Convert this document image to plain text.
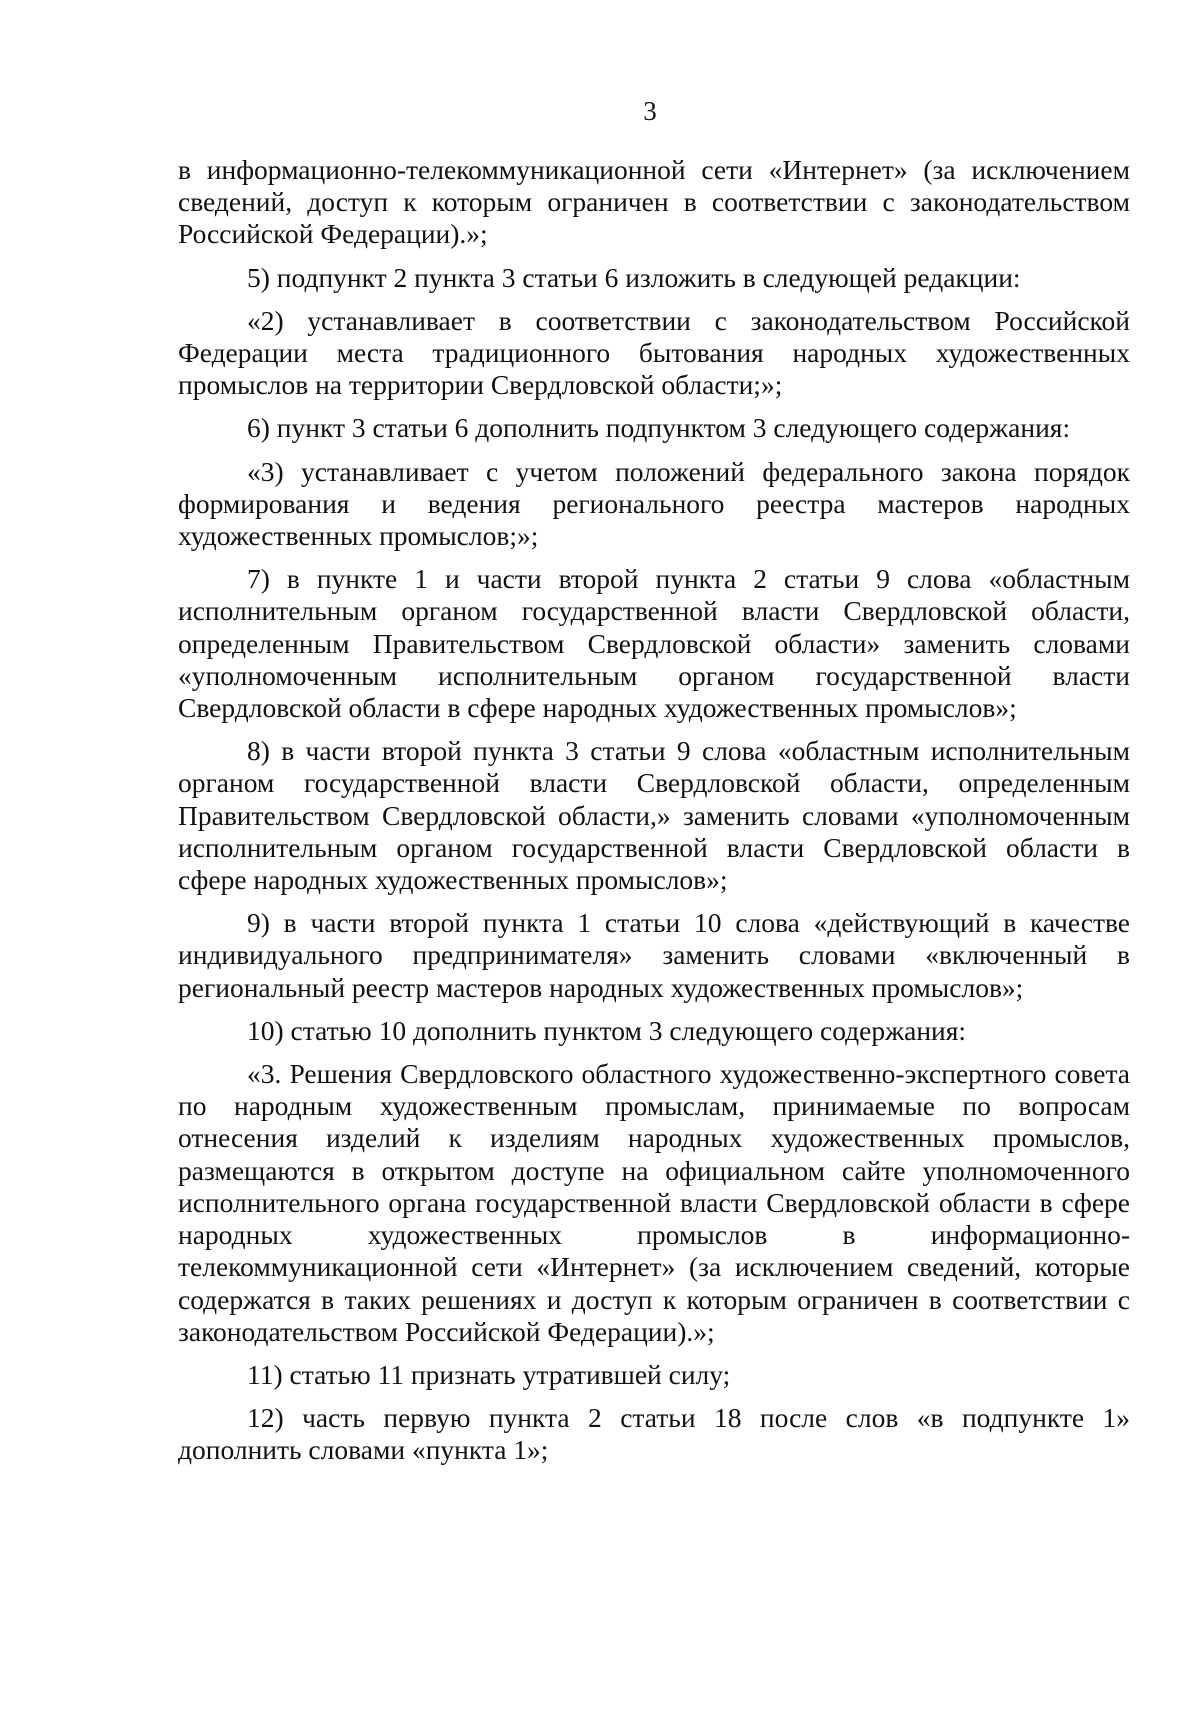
3

в информационно-телекоммуникационной сети «Интернет» (за исключением сведений, доступ к которым ограничен в соответствии с законодательством Российской Федерации).»;

5) подпункт 2 пункта 3 статьи 6 изложить в следующей редакции:

«2) устанавливает в соответствии с законодательством Российской Федерации места традиционного бытования народных художественных промыслов на территории Свердловской области;»;

6) пункт 3 статьи 6 дополнить подпунктом 3 следующего содержания:

«3) устанавливает с учетом положений федерального закона порядок формирования и ведения регионального реестра мастеров народных художественных промыслов;»;

7) в пункте 1 и части второй пункта 2 статьи 9 слова «областным исполнительным органом государственной власти Свердловской области, определенным Правительством Свердловской области» заменить словами «уполномоченным исполнительным органом государственной власти Свердловской области в сфере народных художественных промыслов»;

8) в части второй пункта 3 статьи 9 слова «областным исполнительным органом государственной власти Свердловской области, определенным Правительством Свердловской области,» заменить словами «уполномоченным исполнительным органом государственной власти Свердловской области в сфере народных художественных промыслов»;

9) в части второй пункта 1 статьи 10 слова «действующий в качестве индивидуального предпринимателя» заменить словами «включенный в региональный реестр мастеров народных художественных промыслов»;

10) статью 10 дополнить пунктом 3 следующего содержания:

«3. Решения Свердловского областного художественно-экспертного совета по народным художественным промыслам, принимаемые по вопросам отнесения изделий к изделиям народных художественных промыслов, размещаются в открытом доступе на официальном сайте уполномоченного исполнительного органа государственной власти Свердловской области в сфере народных художественных промыслов в информационно-телекоммуникационной сети «Интернет» (за исключением сведений, которые содержатся в таких решениях и доступ к которым ограничен в соответствии с законодательством Российской Федерации).»;

11) статью 11 признать утратившей силу;

12) часть первую пункта 2 статьи 18 после слов «в подпункте 1» дополнить словами «пункта 1»;
